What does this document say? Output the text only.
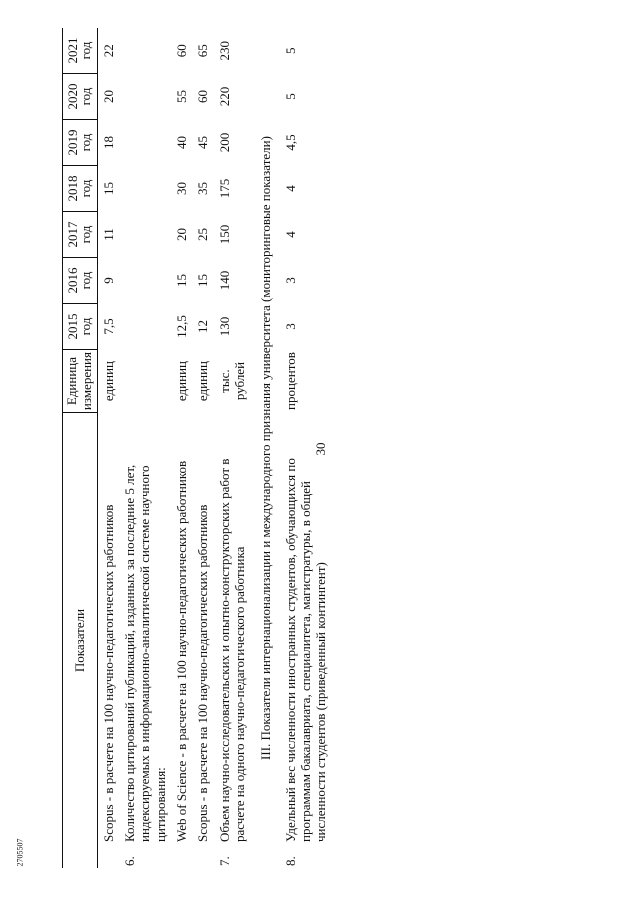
30
2705507
Показатели		Единица измерения	2015 год	2016 год	2017 год	2018 год	2019 год	2020 год	2021 год
	Scopus - в расчете на 100 научно-педагогических работников	единиц	7,5	9	11	15	18	20	22
6.	Количество цитирований публикаций, изданных за последние 5 лет, индексируемых в информационно-аналитической системе научного цитирования:								
	Web of Science - в расчете на 100 научно-педагогических работников	единиц	12,5	15	20	30	40	55	60
	Scopus - в расчете на 100 научно-педагогических работников	единиц	12	15	25	35	45	60	65
7.	Объем научно-исследовательских и опытно-конструкторских работ в расчете на одного научно-педагогического работника	тыс. рублей	130	140	150	175	200	220	230
III. Показатели интернационализации и международного признания университета (мониторинговые показатели)									
8.	Удельный вес численности иностранных студентов, обучающихся по программам бакалавриата, специалитета, магистратуры, в общей численности студентов (приведенный контингент)	процентов	3	3	4	4	4,5	5	5
